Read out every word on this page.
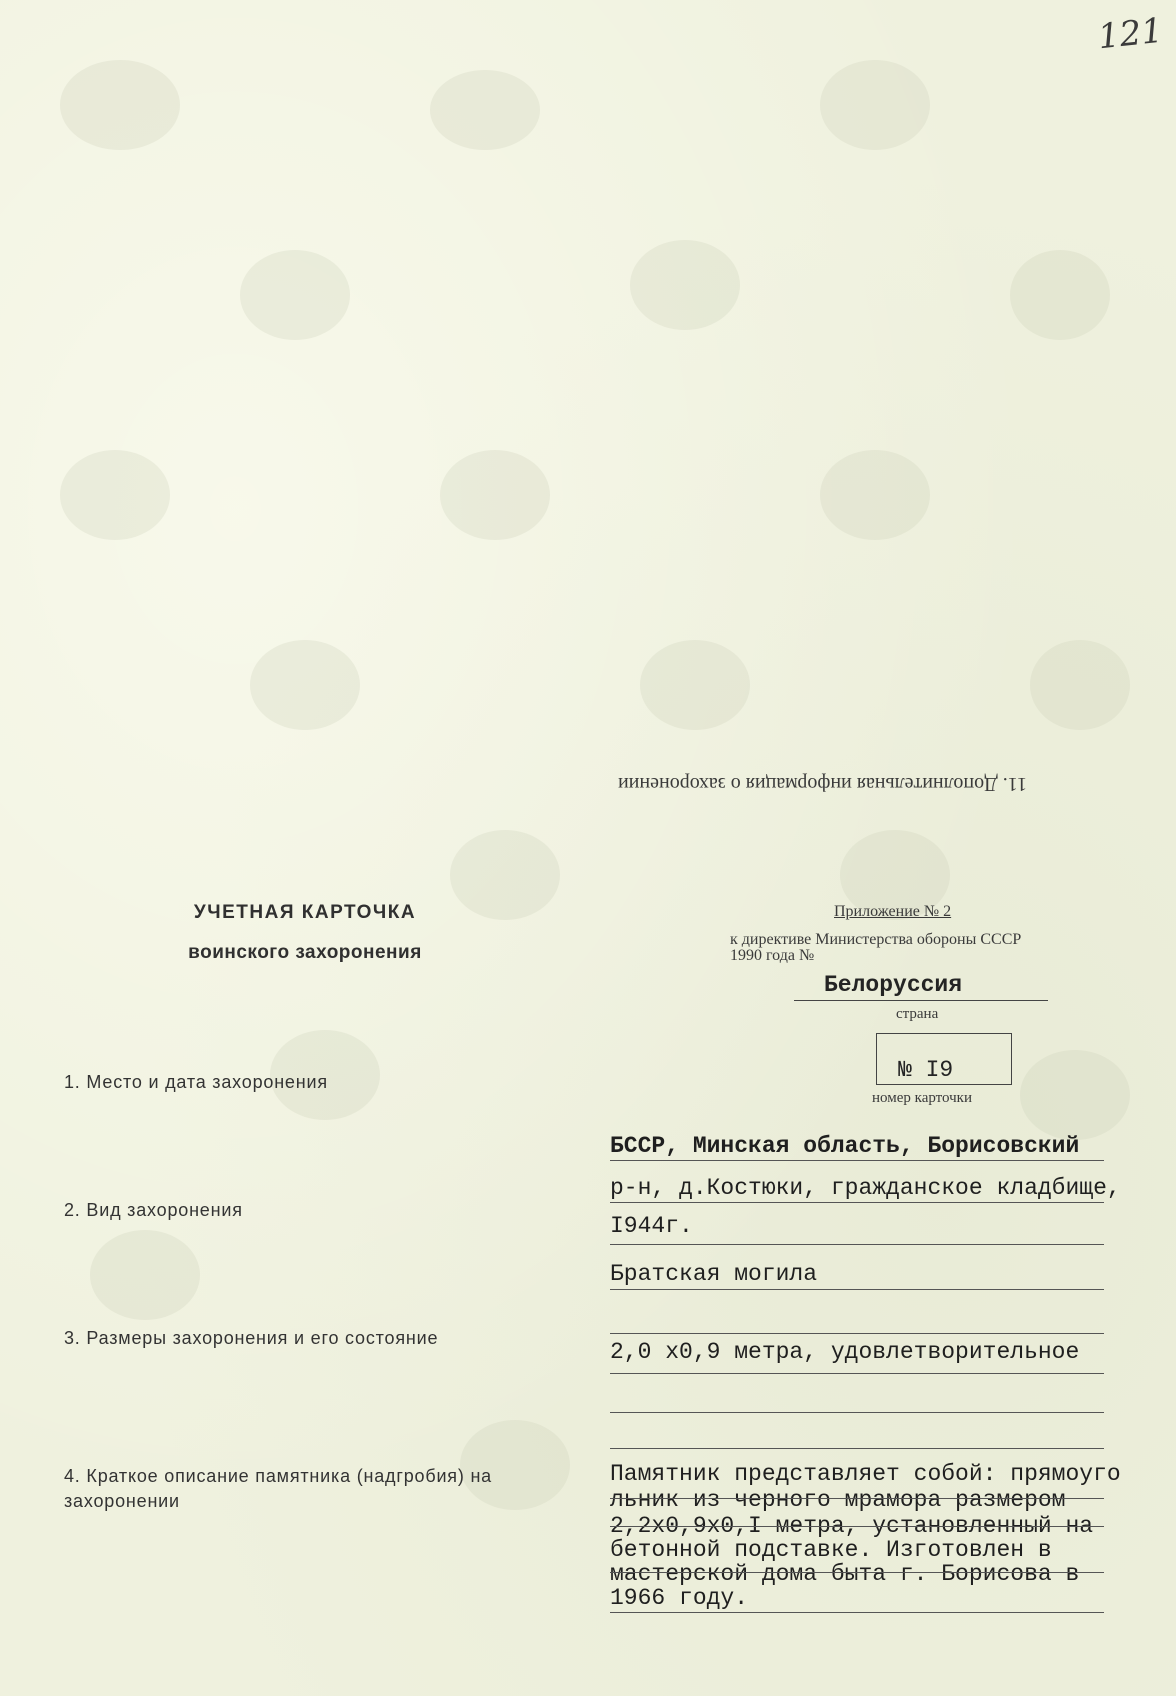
121
11. Дополнительная информация о захоронении
УЧЕТНАЯ КАРТОЧКА
воинского захоронения
Приложение № 2
к директиве Министерства обороны СССР
1990 года №
Белоруссия
страна
№ I9
номер карточки
1. Место и дата захоронения
БССР, Минская область, Борисовский
р-н, д.Костюки, гражданское кладбище,
I944г.
2. Вид захоронения
Братская могила
3. Размеры захоронения и его состояние
2,0 х0,9 метра, удовлетворительное
4. Краткое описание памятника (надгробия) на захоронении
Памятник представляет собой: прямоуго
льник из черного мрамора размером
2,2х0,9х0,I метра, установленный на
бетонной подставке. Изготовлен в
мастерской дома быта г. Борисова в
1966 году.
